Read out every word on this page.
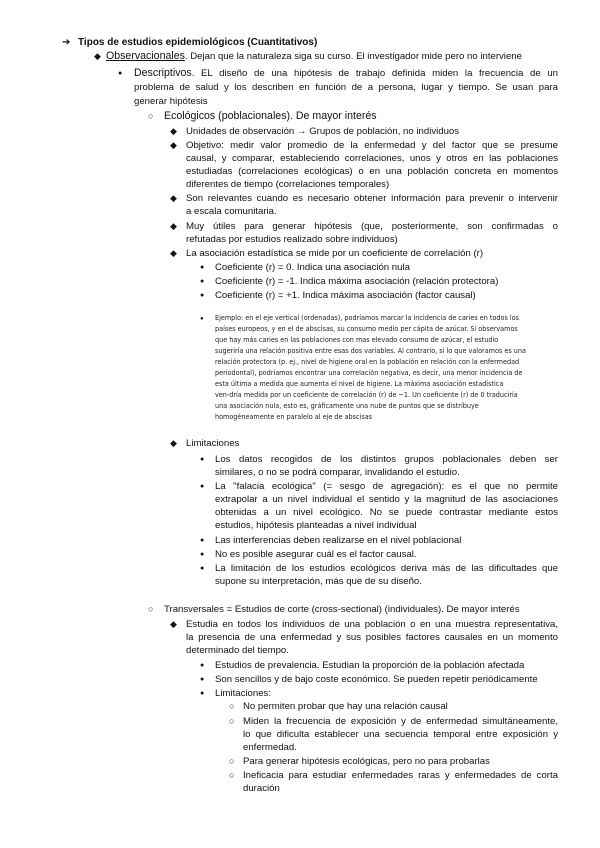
➔ Tipos de estudios epidemiológicos (Cuantitativos)
◆ Observacionales. Dejan que la naturaleza siga su curso. El investigador mide pero no interviene
● Descriptivos. EL diseño de una hipótesis de trabajo definida miden la frecuencia de un
problema de salud y los describen en función de a persona, lugar y tiempo. Se usan para
generar hipótesis
○ Ecológicos (poblacionales). De mayor interés
◆ Unidades de observación → Grupos de población, no individuos
◆ Objetivo: medir valor promedio de la enfermedad y del factor que se presume
causal, y comparar, estableciendo correlaciones, unos y otros en las poblaciones
estudiadas (correlaciones ecológicas) o en una población concreta en momentos
diferentes de tiempo (correlaciones temporales)
◆ Son relevantes cuando es necesario obtener información para prevenir o intervenir
a escala comunitaria.
◆ Muy útiles para generar hipótesis (que, posteriormente, son confirmadas o
refutadas por estudios realizado sobre individuos)
◆ La asociación estadística se mide por un coeficiente de correlación (r)
● Coeficiente (r) = 0. Indica una asociación nula
● Coeficiente (r) = -1. Indica máxima asociación (relación protectora)
● Coeficiente (r) = +1. Indica máxima asociación (factor causal)
● Ejemplo: en el eje vertical (ordenadas), podríamos marcar la incidencia de caries en todos los
países europeos, y en el de abscisas, su consumo medio per cápita de azúcar. Si observamos
que hay más caries en las poblaciones con mas elevado consumo de azúcar, el estudio
sugeriría una relación positiva entre esas dos variables. Al contrario, si lo que valoramos es una
relación protectora (p. ej., nivel de higiene oral en la población en relación con la enfermedad
periodontal), podríamos encontrar una correlación negativa, es decir, una menor incidencia de
esta última a medida que aumenta el nivel de higiene. La máxima asociación estadística
ven-dría medida por un coeficiente de correlación (r) de −1. Un coeficiente (r) de 0 traduciría
una asociación nula, esto es, gráficamente una nube de puntos que se distribuye
homogéneamente en paralelo al eje de abscisas
◆ Limitaciones
● Los datos recogidos de los distintos grupos poblacionales deben ser
similares, o no se podrá comparar, invalidando el estudio.
● La "falacia ecológica" (= sesgo de agregación): es el que no permite
extrapolar a un nivel individual el sentido y la magnitud de las asociaciones
obtenidas a un nivel ecológico. No se puede contrastar mediante estos
estudios, hipótesis planteadas a nivel individual
● Las interferencias deben realizarse en el nivel poblacional
● No es posible asegurar cuál es el factor causal.
● La limitación de los estudios ecológicos deriva más de las dificultades que
supone su interpretación, más que de su diseño.
○ Transversales = Estudios de corte (cross-sectional) (individuales). De mayor interés
◆ Estudia en todos los individuos de una población o en una muestra representativa,
la presencia de una enfermedad y sus posibles factores causales en un momento
determinado del tiempo.
● Estudios de prevalencia. Estudian la proporción de la población afectada
● Son sencillos y de bajo coste económico. Se pueden repetir periódicamente
● Limitaciones:
○ No permiten probar que hay una relación causal
○ Miden la frecuencia de exposición y de enfermedad simultáneamente,
lo que dificulta establecer una secuencia temporal entre exposición y
enfermedad.
○ Para generar hipótesis ecológicas, pero no para probarlas
○ Ineficacia para estudiar enfermedades raras y enfermedades de corta
duración
